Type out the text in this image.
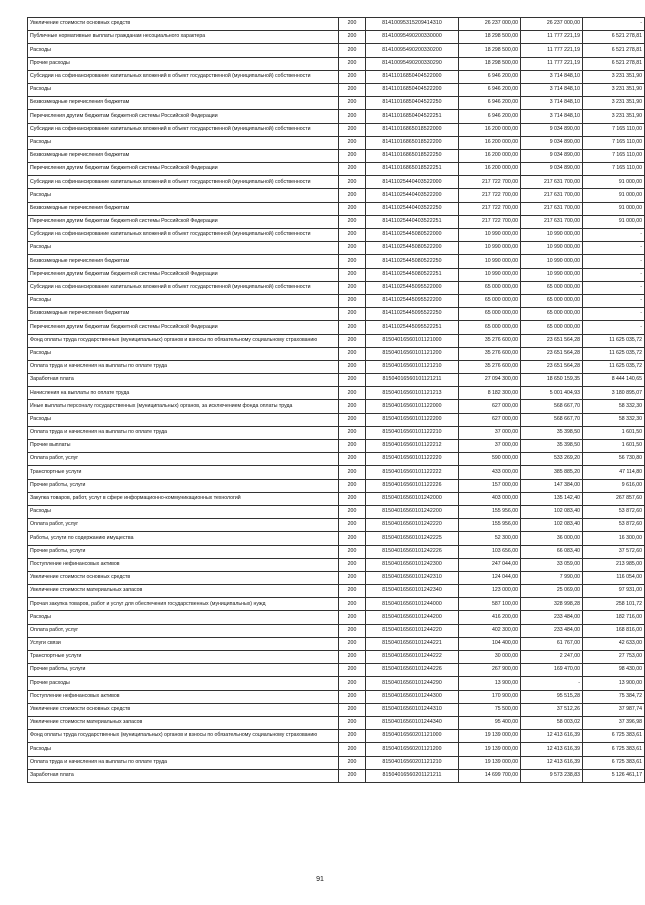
Увеличение стоимости основных средств	200	81410095315209414310	26 237 000,00	26 237 000,00	-
Публичные нормативные выплаты гражданам несоциального характера	200	81410095490200330000	18 298 500,00	11 777 221,19	6 521 278,81
Расходы	200	81410095490200330200	18 298 500,00	11 777 221,19	6 521 278,81
Прочие расходы	200	81410095490200330290	18 298 500,00	11 777 221,19	6 521 278,81
Субсидии на софинансирование капитальных вложений в объект государственной (муниципальной) собственности	200	81411016850404522000	6 946 200,00	3 714 848,10	3 231 351,90
Расходы	200	81411016850404522200	6 946 200,00	3 714 848,10	3 231 351,90
Безвозмездные перечисления бюджетам	200	81411016850404522250	6 946 200,00	3 714 848,10	3 231 351,90
Перечисления другим бюджетам бюджетной системы Российской Федерации	200	81411016850404522251	6 946 200,00	3 714 848,10	3 231 351,90
Субсидии на софинансирование капитальных вложений в объект государственной (муниципальной) собственности	200	81411016865018522000	16 200 000,00	9 034 890,00	7 165 110,00
Расходы	200	81411016865018522200	16 200 000,00	9 034 890,00	7 165 110,00
Безвозмездные перечисления бюджетам	200	81411016865018522250	16 200 000,00	9 034 890,00	7 165 110,00
Перечисления другим бюджетам бюджетной системы Российской Федерации	200	81411016865018522251	16 200 000,00	9 034 890,00	7 165 110,00
Субсидии на софинансирование капитальных вложений в объект государственной (муниципальной) собственности	200	81411025440403522000	217 722 700,00	217 631 700,00	91 000,00
Расходы	200	81411025440403522200	217 722 700,00	217 631 700,00	91 000,00
Безвозмездные перечисления бюджетам	200	81411025440403522250	217 722 700,00	217 631 700,00	91 000,00
Перечисления другим бюджетам бюджетной системы Российской Федерации	200	81411025440403522251	217 722 700,00	217 631 700,00	91 000,00
Субсидии на софинансирование капитальных вложений в объект государственной (муниципальной) собственности	200	81411025445080522000	10 990 000,00	10 990 000,00	-
Расходы	200	81411025445080522200	10 990 000,00	10 990 000,00	-
Безвозмездные перечисления бюджетам	200	81411025445080522250	10 990 000,00	10 990 000,00	-
Перечисления другим бюджетам бюджетной системы Российской Федерации	200	81411025445080522251	10 990 000,00	10 990 000,00	-
Субсидии на софинансирование капитальных вложений в объект государственной (муниципальной) собственности	200	81411025445095522000	65 000 000,00	65 000 000,00	-
Расходы	200	81411025445095522200	65 000 000,00	65 000 000,00	-
Безвозмездные перечисления бюджетам	200	81411025445095522250	65 000 000,00	65 000 000,00	-
Перечисления другим бюджетам бюджетной системы Российской Федерации	200	81411025445095522251	65 000 000,00	65 000 000,00	-
Фонд оплаты труда государственных (муниципальных) органов и взносы по обязательному социальному страхованию	200	81504016560101121000	35 276 600,00	23 651 564,28	11 625 035,72
Расходы	200	81504016560101121200	35 276 600,00	23 651 564,28	11 625 035,72
Оплата труда и начисления на выплаты по оплате труда	200	81504016560101121210	35 276 600,00	23 651 564,28	11 625 035,72
Заработная плата	200	81504016560101121211	27 094 300,00	18 650 159,35	8 444 140,65
Начисления на выплаты по оплате труда	200	81504016560101121213	8 182 300,00	5 001 404,93	3 180 895,07
Иные выплаты персоналу государственных (муниципальных) органов, за исключением фонда оплаты труда	200	81504016560101122000	627 000,00	568 667,70	58 332,30
Расходы	200	81504016560101122200	627 000,00	568 667,70	58 332,30
Оплата труда и начисления на выплаты по оплате труда	200	81504016560101122210	37 000,00	35 398,50	1 601,50
Прочие выплаты	200	81504016560101122212	37 000,00	35 398,50	1 601,50
Оплата работ, услуг	200	81504016560101122220	590 000,00	533 269,20	56 730,80
Транспортные услуги	200	81504016560101122222	433 000,00	385 885,20	47 114,80
Прочие работы, услуги	200	81504016560101122226	157 000,00	147 384,00	9 616,00
Закупка товаров, работ, услуг в сфере информационно-коммуникационных технологий	200	81504016560101242000	403 000,00	135 142,40	267 857,60
Расходы	200	81504016560101242200	155 956,00	102 083,40	53 872,60
Оплата работ, услуг	200	81504016560101242220	155 956,00	102 083,40	53 872,60
Работы, услуги по содержанию имущества	200	81504016560101242225	52 300,00	36 000,00	16 300,00
Прочие работы, услуги	200	81504016560101242226	103 656,00	66 083,40	37 572,60
Поступление нефинансовых активов	200	81504016560101242300	247 044,00	33 059,00	213 985,00
Увеличение стоимости основных средств	200	81504016560101242310	124 044,00	7 990,00	116 054,00
Увеличение стоимости материальных запасов	200	81504016560101242340	123 000,00	25 069,00	97 931,00
Прочая закупка товаров, работ и услуг для обеспечения государственных (муниципальных) нужд	200	81504016560101244000	587 100,00	328 998,28	258 101,72
Расходы	200	81504016560101244200	416 200,00	233 484,00	182 716,00
Оплата работ, услуг	200	81504016560101244220	402 300,00	233 484,00	168 816,00
Услуги связи	200	81504016560101244221	104 400,00	61 767,00	42 633,00
Транспортные услуги	200	81504016560101244222	30 000,00	2 247,00	27 753,00
Прочие работы, услуги	200	81504016560101244226	267 900,00	169 470,00	98 430,00
Прочие расходы	200	81504016560101244290	13 900,00	-	13 900,00
Поступление нефинансовых активов	200	81504016560101244300	170 900,00	95 515,28	75 384,72
Увеличение стоимости основных средств	200	81504016560101244310	75 500,00	37 512,26	37 987,74
Увеличение стоимости материальных запасов	200	81504016560101244340	95 400,00	58 003,02	37 396,98
Фонд оплаты труда государственных (муниципальных) органов и взносы по обязательному социальному страхованию	200	81504016560201121000	19 139 000,00	12 413 616,39	6 725 383,61
Расходы	200	81504016560201121200	19 139 000,00	12 413 616,39	6 725 383,61
Оплата труда и начисления на выплаты по оплате труда	200	81504016560201121210	19 139 000,00	12 413 616,39	6 725 383,61
Заработная плата	200	81504016560201121211	14 699 700,00	9 573 238,83	5 126 461,17
91
